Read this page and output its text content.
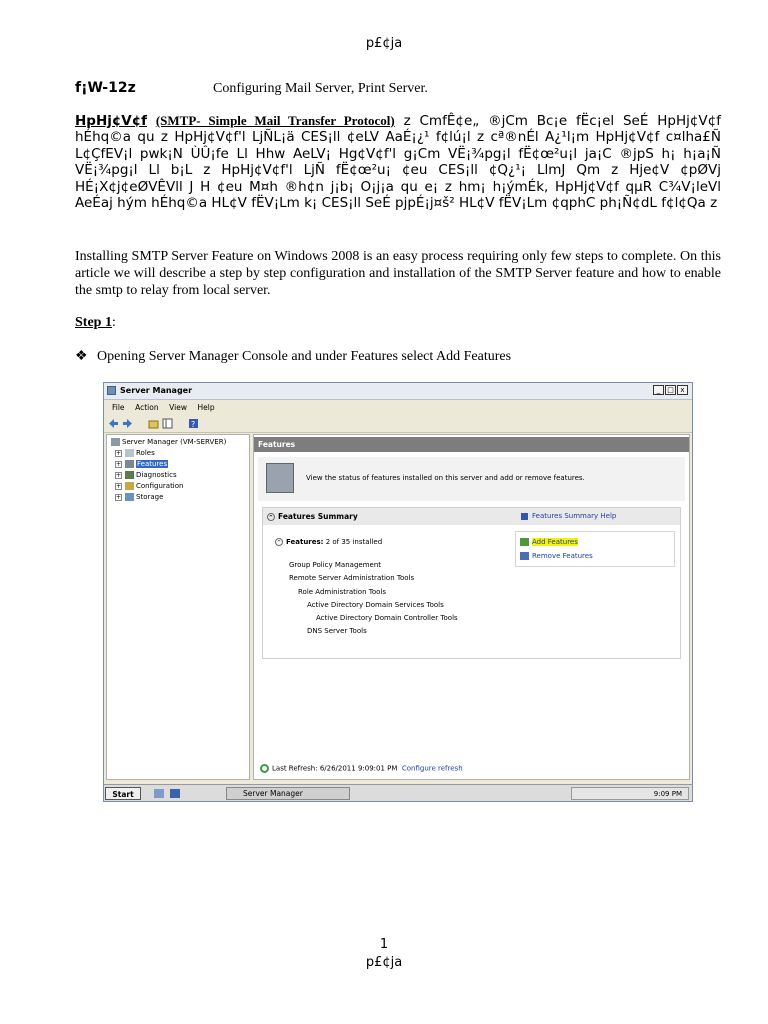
p£¢ja
f¡W-12z	Configuring Mail Server, Print Server.
HpHj¢V¢f (SMTP- Simple Mail Transfer Protocol) z CmfÊ¢e„ ®jCm Bc¡e fËc¡el SeÉ HpHj¢V¢f hÉhq©a qu z HpHj¢V¢f'l LjÑL¡ä CES¡ll ¢eLV AaÉ¡¿¹ f¢lú¡l z cª®nÉl A¿¹l¡m HpHj¢V¢f c¤lha£Ñ L¢ÇfEV¡l pwk¡N ÙÛ¡fe Ll Hhw AeLV¡ Hg¢V¢f'l g¡Cm VË¡¾pg¡l fË¢œ²u¡l ja¡C ®jpS h¡ h¡a¡Ñ VË¡¾pg¡l Ll b¡L z HpHj¢V¢f'l LjÑ fË¢œ²u¡ ¢eu CES¡ll ¢Q¿¹¡ LlmJ Qm z Hje¢V ¢pØVj HÉ¡X¢j¢eØVÊVll J H ¢eu M¤h ®h¢n j¡b¡ O¡j¡a qu e¡ z hm¡ h¡ýmÉk, HpHj¢V¢f qµR C¾V¡leVl AeÉaj hým hÉhq©a HL¢V fËV¡Lm k¡ CES¡ll SeÉ pjpÉ¡j¤š² HL¢V fËV¡Lm ¢qphC ph¡Ñ¢dL f¢l¢Qa z
Installing SMTP Server Feature on Windows 2008 is an easy process requiring only few steps to complete. On this article we will describe a step by step configuration and installation of the SMTP Server feature and how to enable the smtp to relay from local server.
Step 1:
❖ Opening Server Manager Console and under Features select Add Features
Server Manager	_ □ x
File Action View Help
?
Server Manager (VM-SERVER)
+ Roles
+ Features
+ Diagnostics
+ Configuration
+ Storage
Features
View the status of features installed on this server and add or remove features.
^ Features Summary	Features Summary Help
^ Features: 2 of 35 installed	Add Features
Remove Features
Group Policy Management
Remote Server Administration Tools
Role Administration Tools
Active Directory Domain Services Tools
Active Directory Domain Controller Tools
DNS Server Tools
Last Refresh: 6/26/2011 9:09:01 PM Configure refresh
Start	Server Manager	9:09 PM
1
p£¢ja
